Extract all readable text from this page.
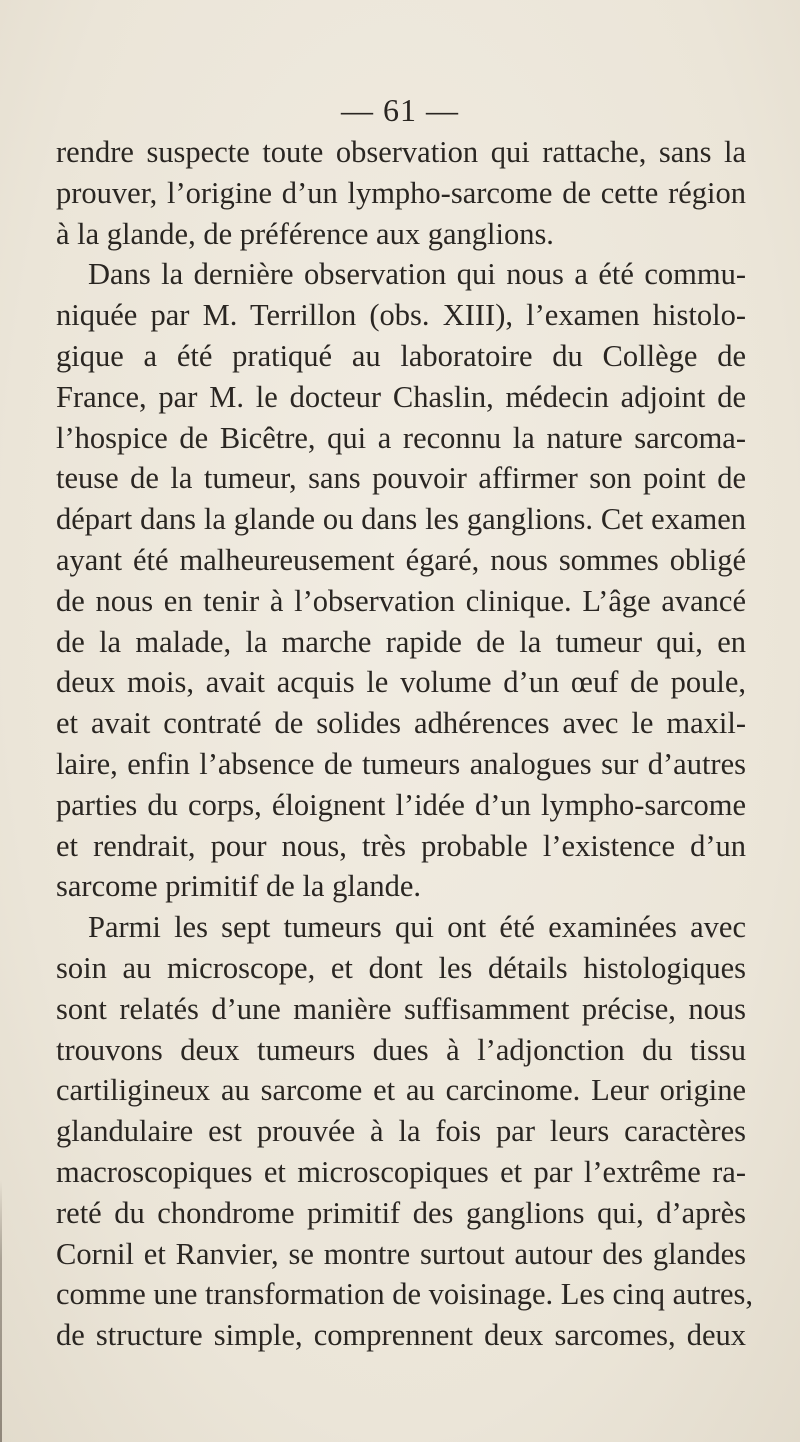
— 61 —
rendre suspecte toute observation qui rattache, sans la
prouver, l’origine d’un lympho-sarcome de cette région
à la glande, de préférence aux ganglions.
Dans la dernière observation qui nous a été commu-
niquée par M. Terrillon (obs. XIII), l’examen histolo-
gique a été pratiqué au laboratoire du Collège de
France, par M. le docteur Chaslin, médecin adjoint de
l’hospice de Bicêtre, qui a reconnu la nature sarcoma-
teuse de la tumeur, sans pouvoir affirmer son point de
départ dans la glande ou dans les ganglions. Cet examen
ayant été malheureusement égaré, nous sommes obligé
de nous en tenir à l’observation clinique. L’âge avancé
de la malade, la marche rapide de la tumeur qui, en
deux mois, avait acquis le volume d’un œuf de poule,
et avait contraté de solides adhérences avec le maxil-
laire, enfin l’absence de tumeurs analogues sur d’autres
parties du corps, éloignent l’idée d’un lympho-sarcome
et rendrait, pour nous, très probable l’existence d’un
sarcome primitif de la glande.
Parmi les sept tumeurs qui ont été examinées avec
soin au microscope, et dont les détails histologiques
sont relatés d’une manière suffisamment précise, nous
trouvons deux tumeurs dues à l’adjonction du tissu
cartiligineux au sarcome et au carcinome. Leur origine
glandulaire est prouvée à la fois par leurs caractères
macroscopiques et microscopiques et par l’extrême ra-
reté du chondrome primitif des ganglions qui, d’après
Cornil et Ranvier, se montre surtout autour des glandes
comme une transformation de voisinage. Les cinq autres,
de structure simple, comprennent deux sarcomes, deux
